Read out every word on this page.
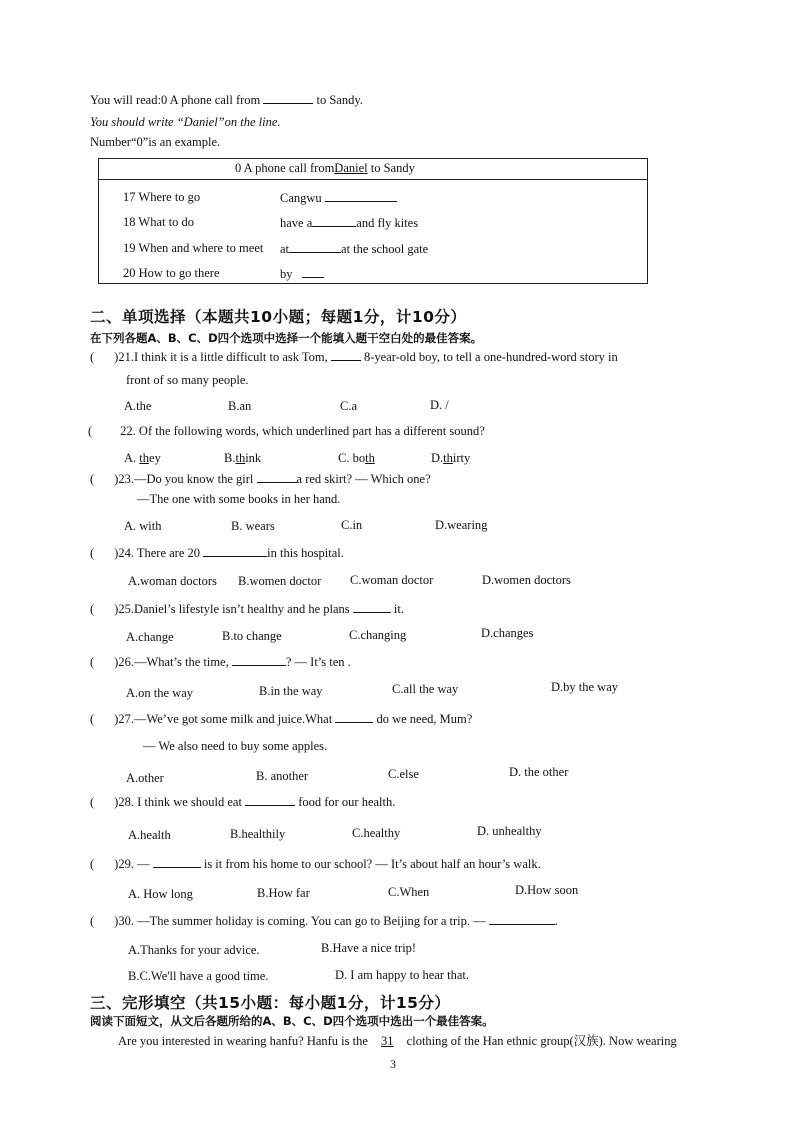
You will read:0 A phone call from	to Sandy.
You should write “Daniel”on the line.
Number“0”is an example.
0 A phone call fromDaniel to Sandy
17 Where to go	Cangwu
18 What to do	have a	and fly kites
19 When and where to meet at	at the school gate
20 How to go there	by
二、单项选择（本题共10小题；每题1分，计10分）
在下列各题A、B、C、D四个选项中选择一个能填入题干空白处的最佳答案。
( )21.I think it is a little difficult to ask Tom,	8-year-old boy, to tell a one-hundred-word story in
front of so many people.
A.the	B.an	C.a	D. /
( 22. Of the following words, which underlined part has a different sound?
A. they	B.think	C. both	D.thirty
( )23.—Do you know the girl	a red skirt? — Which one?
—The one with some books in her hand.
A. with	B. wears	C.in	D.wearing
( )24. There are 20	in this hospital.
A.woman doctors B.women doctor C.woman doctor	D.women doctors
( )25.Daniel’s lifestyle isn’t healthy and he plans	it.
A.change	B.to change	C.changing	D.changes
( )26.—What’s the time,	? — It’s ten .
A.on the way	B.in the way	C.all the way	D.by the way
( )27.—We’ve got some milk and juice.What	do we need, Mum?
— We also need to buy some apples.
A.other	B. another	C.else	D. the other
( )28. I think we should eat	food for our health.
A.health	B.healthily	C.healthy	D. unhealthy
( )29. —	is it from his home to our school? — It’s about half an hour’s walk.
A. How long	B.How far	C.When	D.How soon
( )30. —The summer holiday is coming. You can go to Beijing for a trip. —	.
A.Thanks for your advice.	B.Have a nice trip!
B.C.We'll have a good time.	D. I am happy to hear that.
三、完形填空（共15小题：每小题1分，计15分）
阅读下面短文，从文后各题所给的A、B、C、D四个选项中选出一个最佳答案。
Are you interested in wearing hanfu? Hanfu is the 31 clothing of the Han ethnic group(汉族). Now wearing
3
